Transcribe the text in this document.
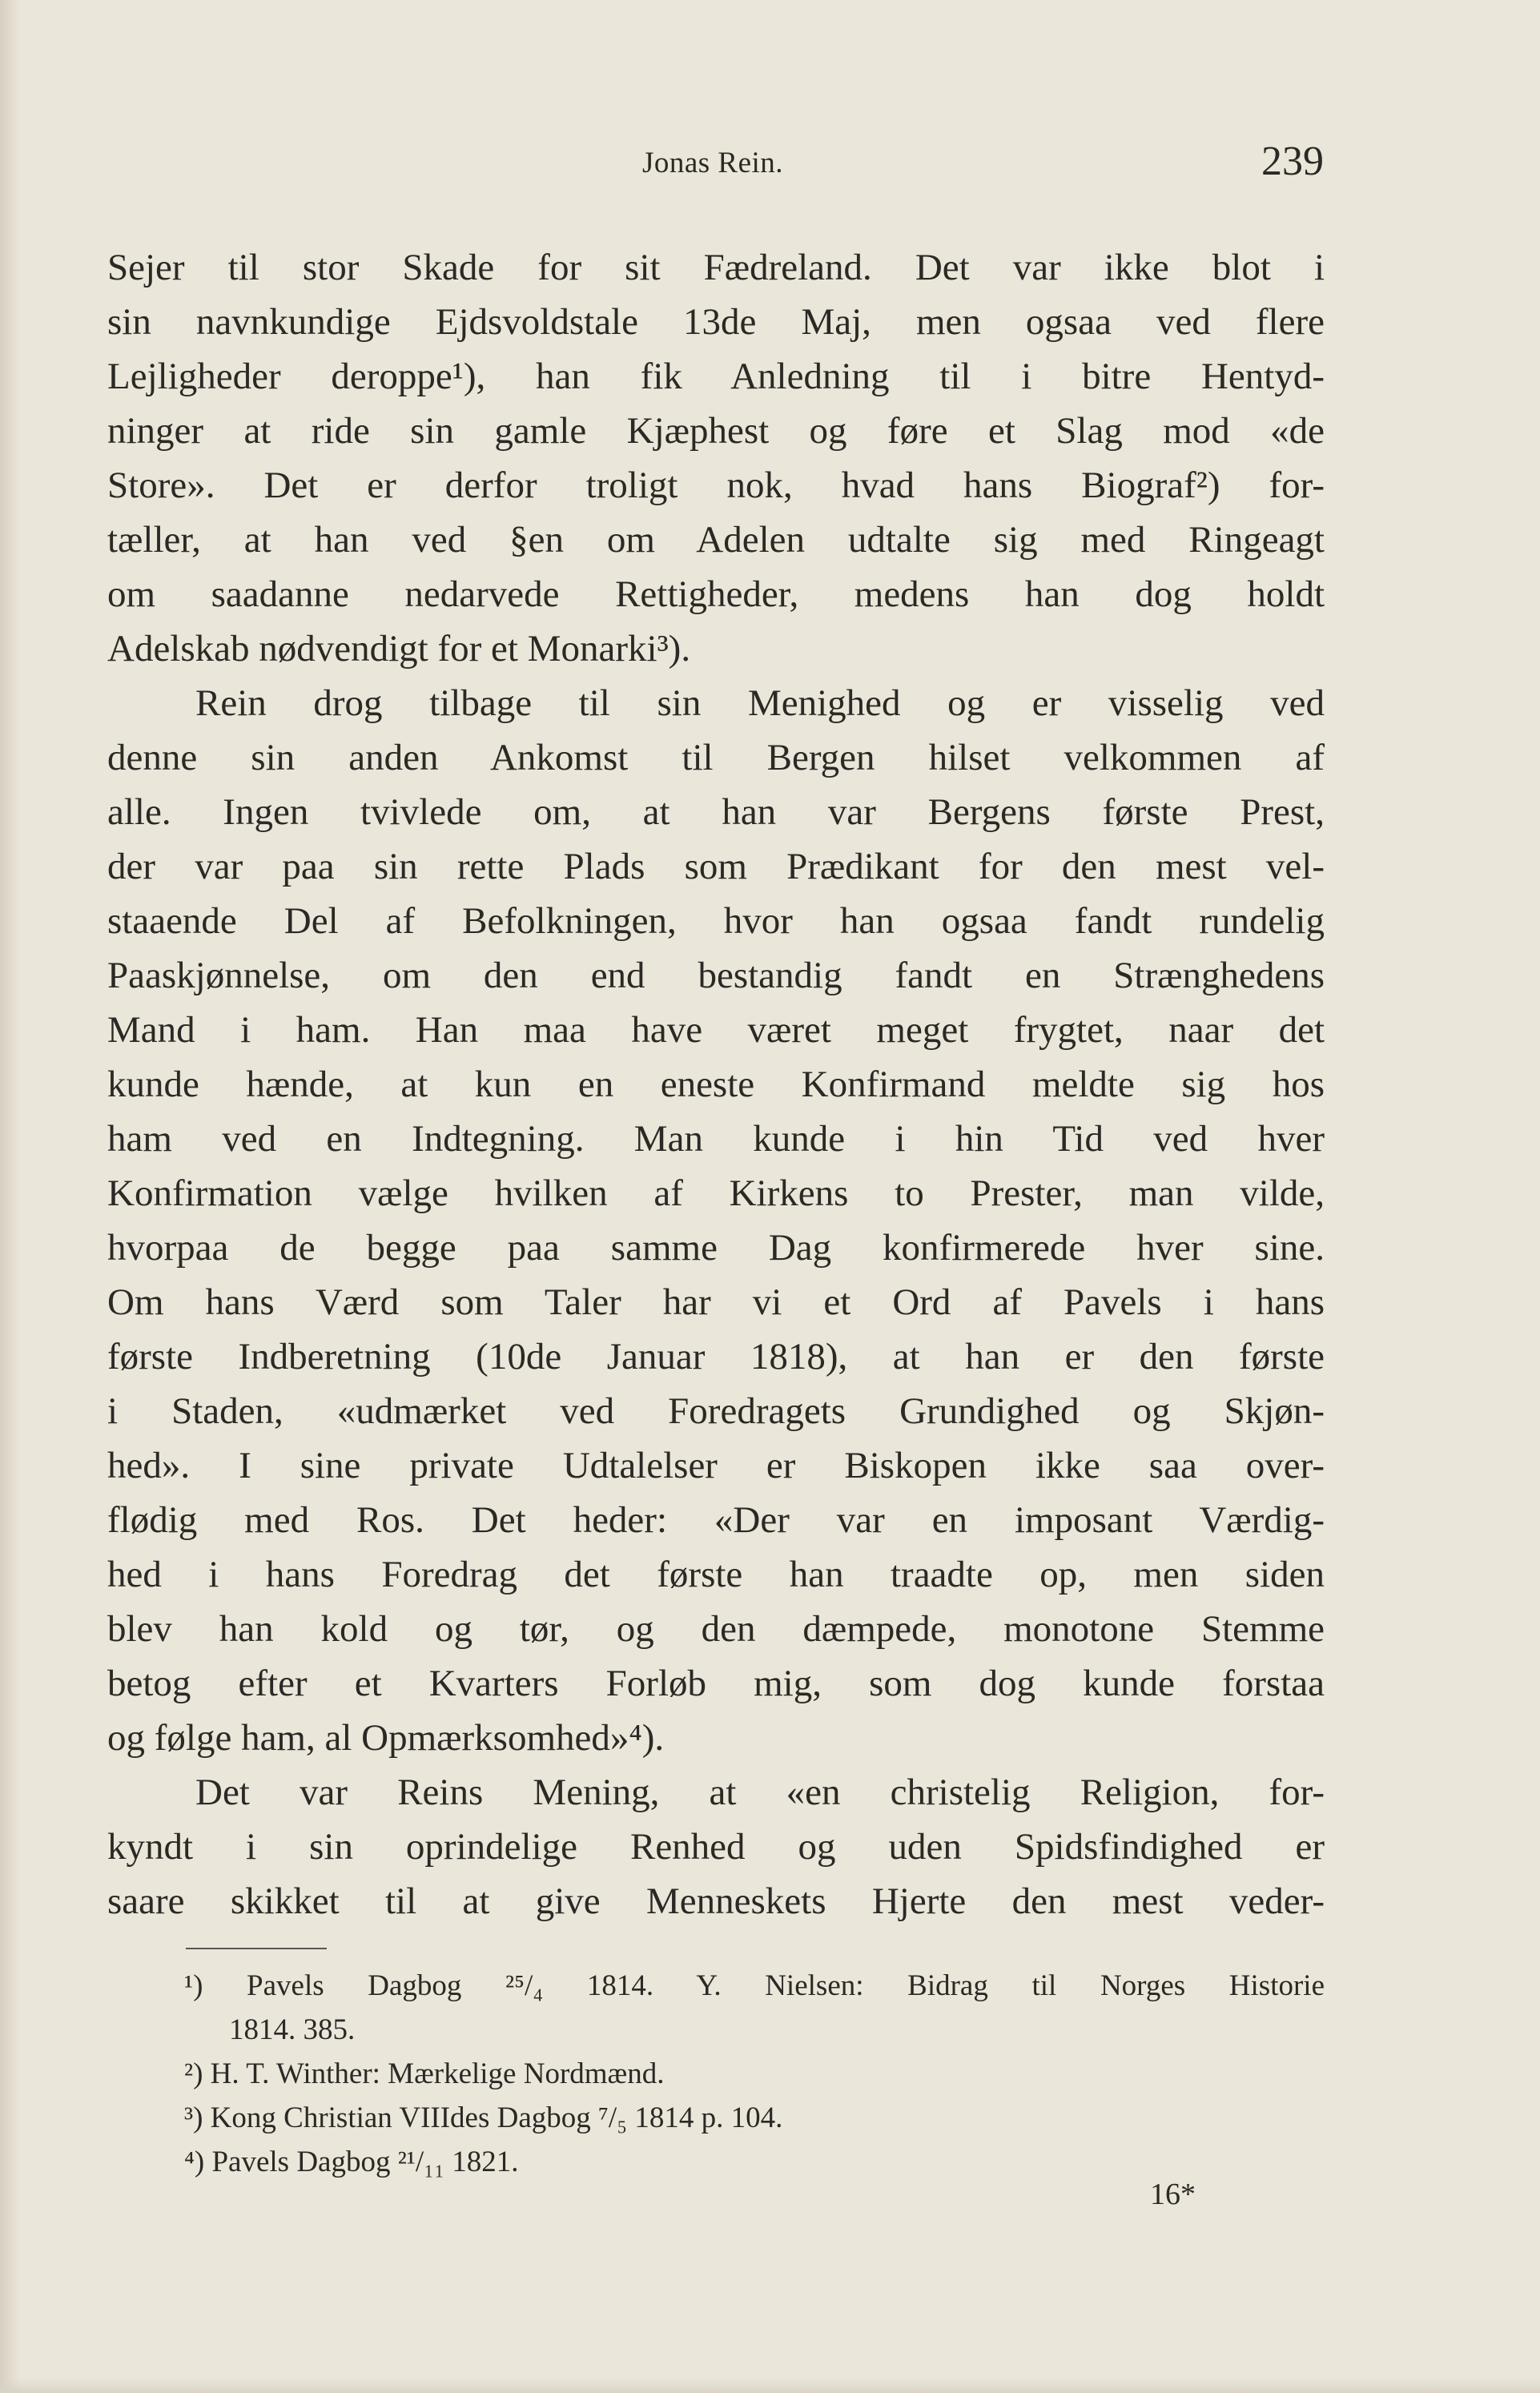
Jonas Rein.	239
Sejer til stor Skade for sit Fædreland. Det var ikke blot i
sin navnkundige Ejdsvoldstale 13de Maj, men ogsaa ved flere
Lejligheder deroppe¹), han fik Anledning til i bitre Hentyd-
ninger at ride sin gamle Kjæphest og føre et Slag mod «de
Store». Det er derfor troligt nok, hvad hans Biograf²) for-
tæller, at han ved §en om Adelen udtalte sig med Ringeagt
om saadanne nedarvede Rettigheder, medens han dog holdt
Adelskab nødvendigt for et Monarki³).
Rein drog tilbage til sin Menighed og er visselig ved
denne sin anden Ankomst til Bergen hilset velkommen af
alle. Ingen tvivlede om, at han var Bergens første Prest,
der var paa sin rette Plads som Prædikant for den mest vel-
staaende Del af Befolkningen, hvor han ogsaa fandt rundelig
Paaskjønnelse, om den end bestandig fandt en Strænghedens
Mand i ham. Han maa have været meget frygtet, naar det
kunde hænde, at kun en eneste Konfirmand meldte sig hos
ham ved en Indtegning. Man kunde i hin Tid ved hver
Konfirmation vælge hvilken af Kirkens to Prester, man vilde,
hvorpaa de begge paa samme Dag konfirmerede hver sine.
Om hans Værd som Taler har vi et Ord af Pavels i hans
første Indberetning (10de Januar 1818), at han er den første
i Staden, «udmærket ved Foredragets Grundighed og Skjøn-
hed». I sine private Udtalelser er Biskopen ikke saa over-
flødig med Ros. Det heder: «Der var en imposant Værdig-
hed i hans Foredrag det første han traadte op, men siden
blev han kold og tør, og den dæmpede, monotone Stemme
betog efter et Kvarters Forløb mig, som dog kunde forstaa
og følge ham, al Opmærksomhed»⁴).
Det var Reins Mening, at «en christelig Religion, for-
kyndt i sin oprindelige Renhed og uden Spidsfindighed er
saare skikket til at give Menneskets Hjerte den mest veder-
¹) Pavels Dagbog ²⁵/₄ 1814. Y. Nielsen: Bidrag til Norges Historie
1814. 385.
²) H. T. Winther: Mærkelige Nordmænd.
³) Kong Christian VIIIdes Dagbog ⁷/₅ 1814 p. 104.
⁴) Pavels Dagbog ²¹/₁₁ 1821.
16*
